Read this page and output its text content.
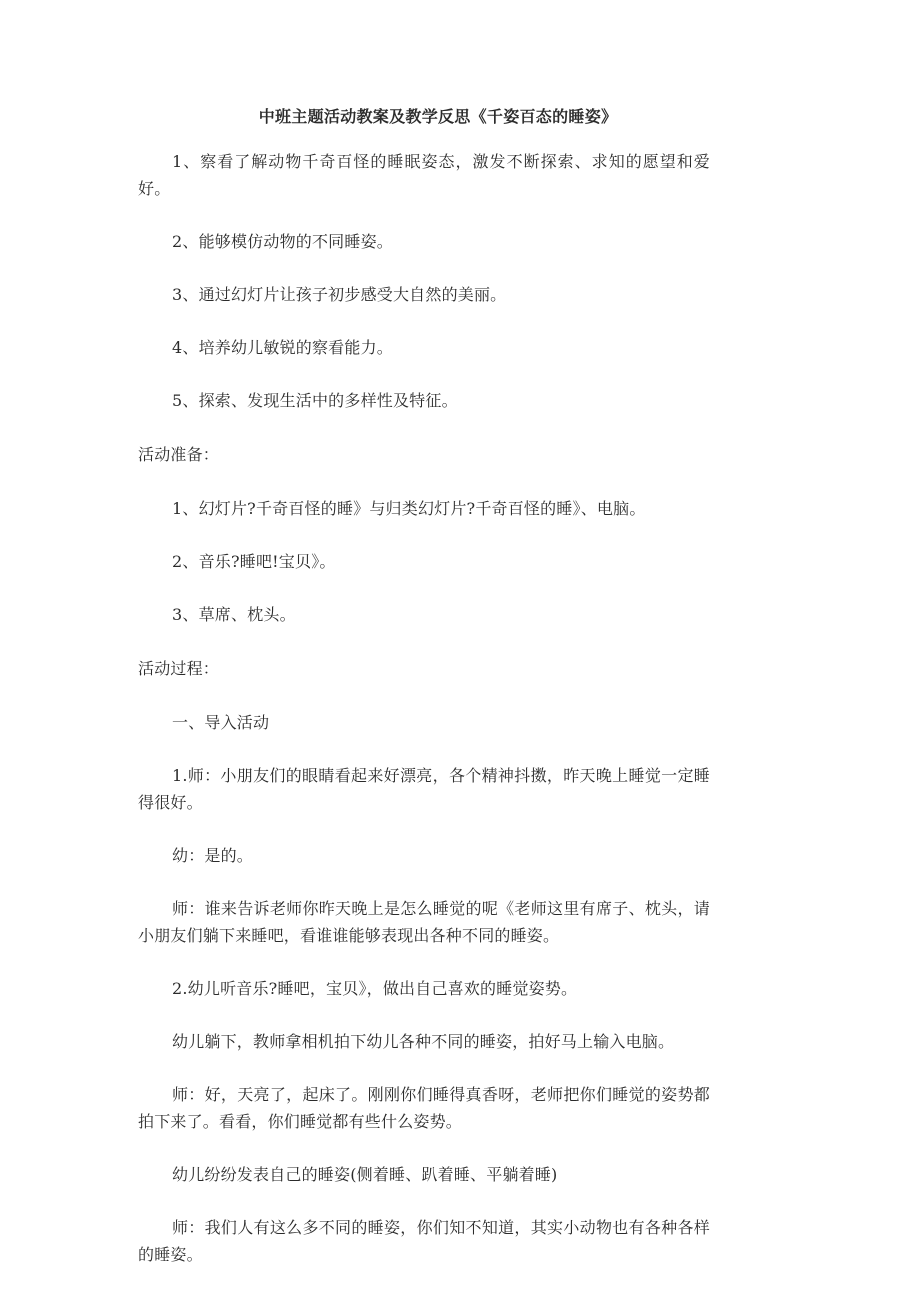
中班主题活动教案及教学反思《千姿百态的睡姿》

1、察看了解动物千奇百怪的睡眠姿态，激发不断探索、求知的愿望和爱好。

2、能够模仿动物的不同睡姿。

3、通过幻灯片让孩子初步感受大自然的美丽。

4、培养幼儿敏锐的察看能力。

5、探索、发现生活中的多样性及特征。

活动准备：

1、幻灯片?千奇百怪的睡》与归类幻灯片?千奇百怪的睡》、电脑。

2、音乐?睡吧!宝贝》。

3、草席、枕头。

活动过程：

一、导入活动

1.师：小朋友们的眼睛看起来好漂亮，各个精神抖擞，昨天晚上睡觉一定睡得很好。

幼：是的。

师：谁来告诉老师你昨天晚上是怎么睡觉的呢《老师这里有席子、枕头，请小朋友们躺下来睡吧，看谁谁能够表现出各种不同的睡姿。

2.幼儿听音乐?睡吧，宝贝》，做出自己喜欢的睡觉姿势。

幼儿躺下，教师拿相机拍下幼儿各种不同的睡姿，拍好马上输入电脑。

师：好，天亮了，起床了。刚刚你们睡得真香呀，老师把你们睡觉的姿势都拍下来了。看看，你们睡觉都有些什么姿势。

幼儿纷纷发表自己的睡姿(侧着睡、趴着睡、平躺着睡)

师：我们人有这么多不同的睡姿，你们知不知道，其实小动物也有各种各样的睡姿。
